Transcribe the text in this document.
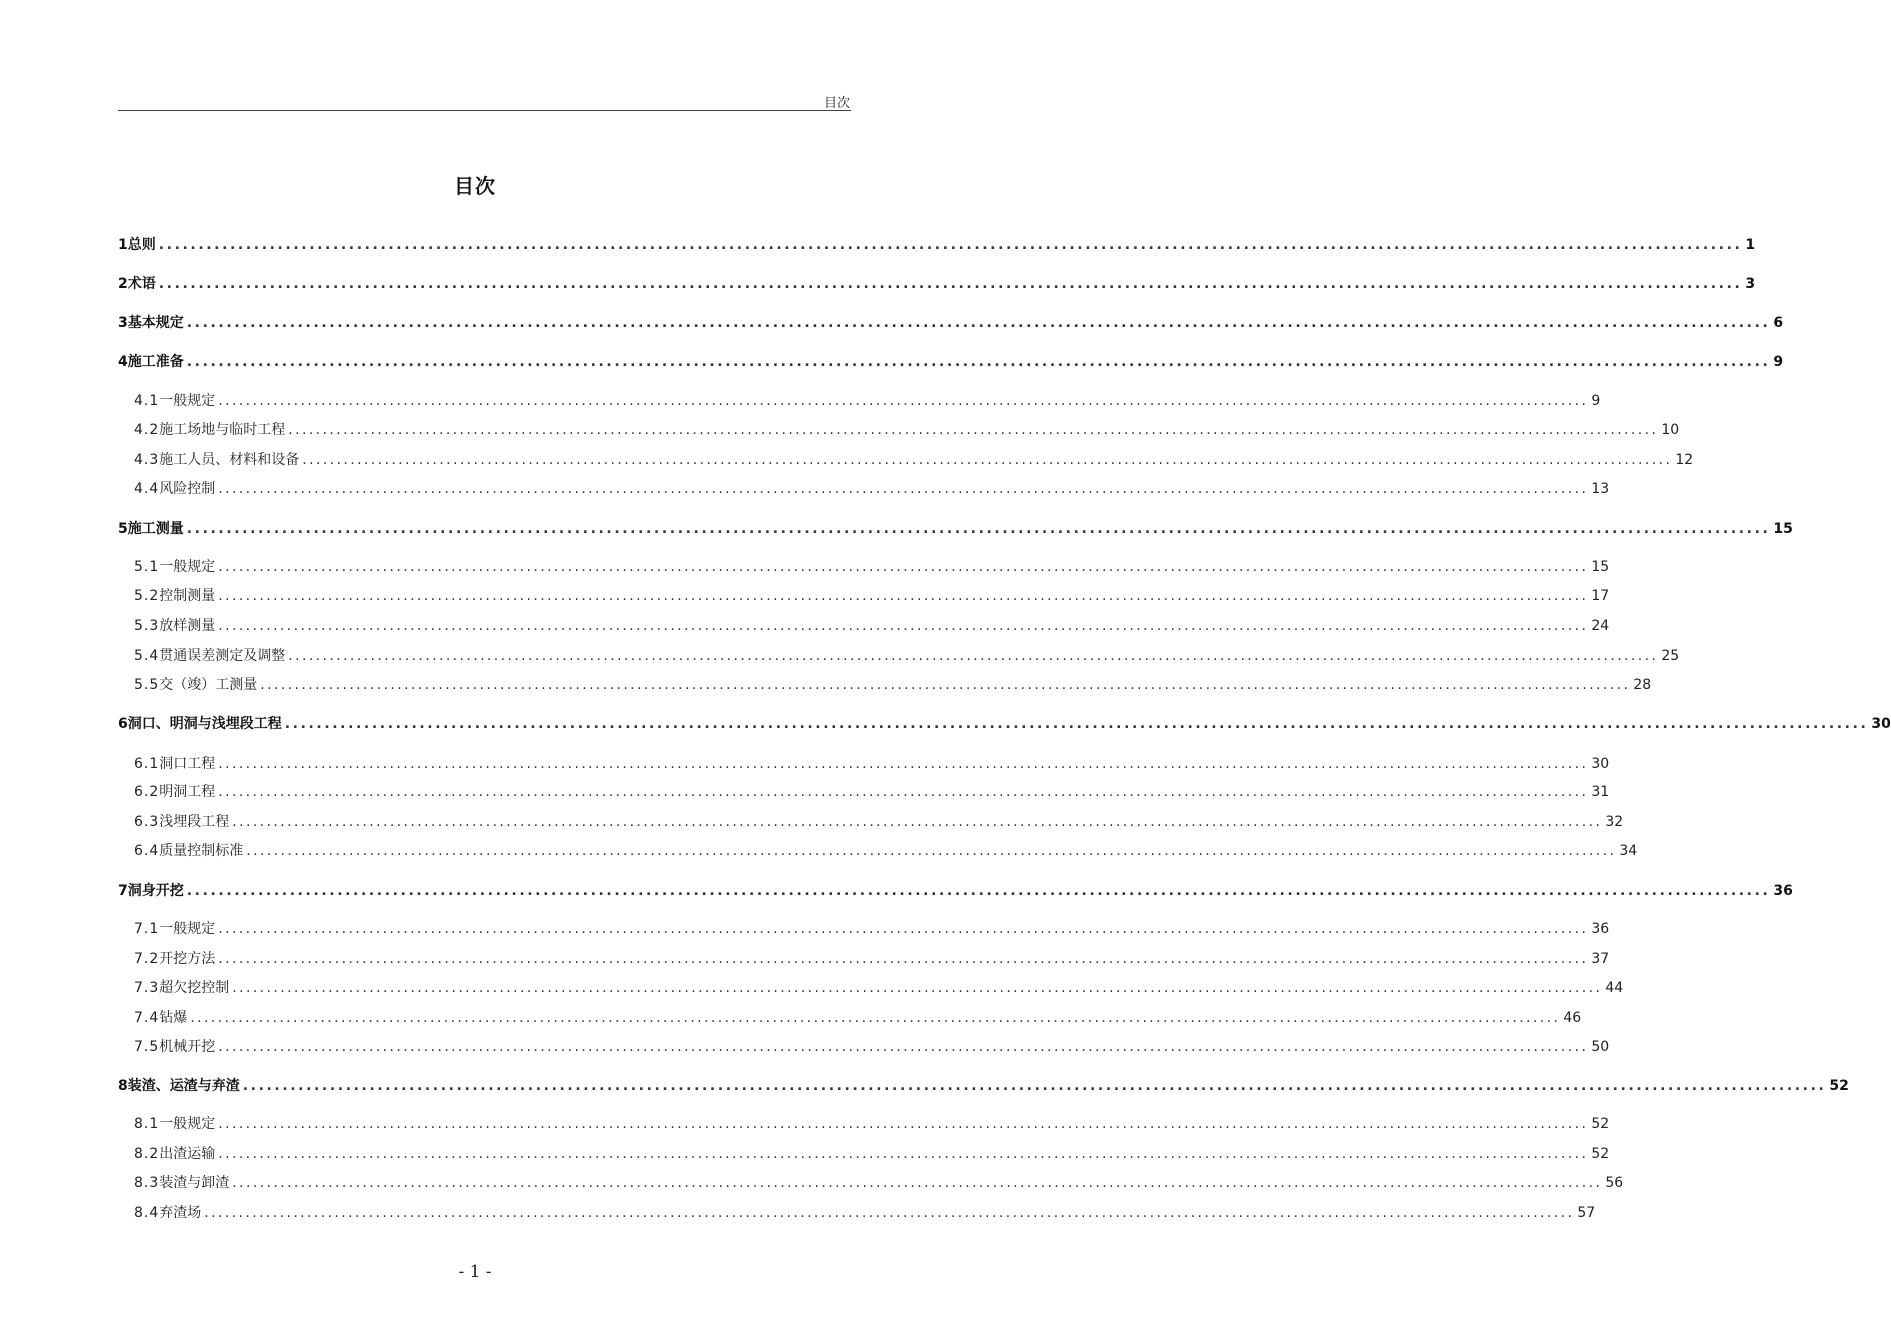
目次
目次
1 总则 ........................................................................................................................................................................................................ 1
2 术语 ........................................................................................................................................................................................................ 3
3 基本规定 ........................................................................................................................................................................................................ 6
4 施工准备 ........................................................................................................................................................................................................ 9
4.1 一般规定 ........................................................................................................................................................................................................ 9
4.2 施工场地与临时工程 ........................................................................................................................................................................................................ 10
4.3 施工人员、材料和设备 ........................................................................................................................................................................................................ 12
4.4 风险控制 ........................................................................................................................................................................................................ 13
5 施工测量 ........................................................................................................................................................................................................ 15
5.1 一般规定 ........................................................................................................................................................................................................ 15
5.2 控制测量 ........................................................................................................................................................................................................ 17
5.3 放样测量 ........................................................................................................................................................................................................ 24
5.4 贯通误差测定及调整 ........................................................................................................................................................................................................ 25
5.5 交（竣）工测量 ........................................................................................................................................................................................................ 28
6 洞口、明洞与浅埋段工程 ........................................................................................................................................................................................................ 30
6.1 洞口工程 ........................................................................................................................................................................................................ 30
6.2 明洞工程 ........................................................................................................................................................................................................ 31
6.3 浅埋段工程 ........................................................................................................................................................................................................ 32
6.4 质量控制标准 ........................................................................................................................................................................................................ 34
7 洞身开挖 ........................................................................................................................................................................................................ 36
7.1 一般规定 ........................................................................................................................................................................................................ 36
7.2 开挖方法 ........................................................................................................................................................................................................ 37
7.3 超欠挖控制 ........................................................................................................................................................................................................ 44
7.4 钻爆 ........................................................................................................................................................................................................ 46
7.5 机械开挖 ........................................................................................................................................................................................................ 50
8 装渣、运渣与弃渣 ........................................................................................................................................................................................................ 52
8.1 一般规定 ........................................................................................................................................................................................................ 52
8.2 出渣运输 ........................................................................................................................................................................................................ 52
8.3 装渣与卸渣 ........................................................................................................................................................................................................ 56
8.4 弃渣场 ........................................................................................................................................................................................................ 57
- 1 -
